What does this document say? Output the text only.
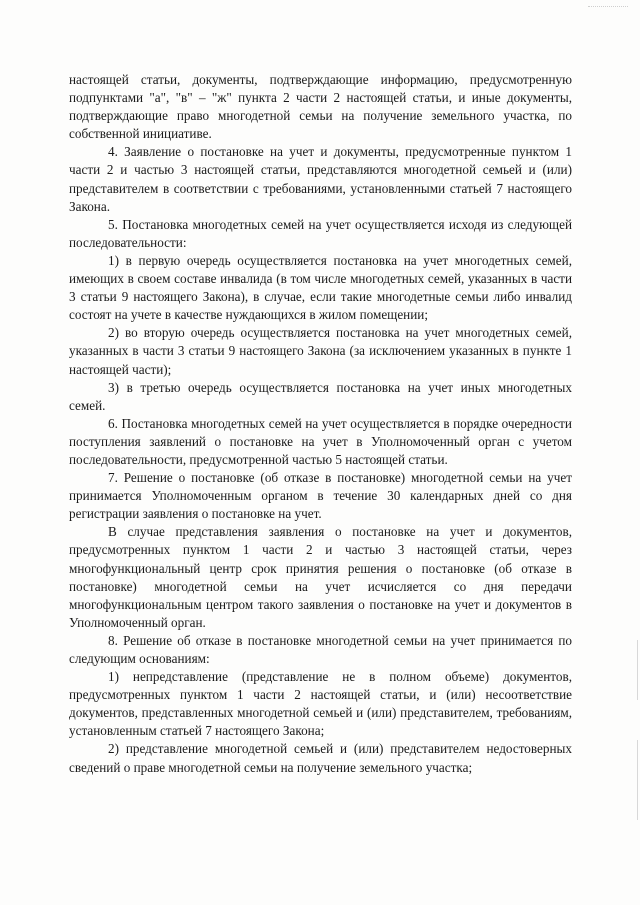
настоящей статьи, документы, подтверждающие информацию, предусмотренную подпунктами "а", "в" – "ж" пункта 2 части 2 настоящей статьи, и иные документы, подтверждающие право многодетной семьи на получение земельного участка, по собственной инициативе.

4. Заявление о постановке на учет и документы, предусмотренные пунктом 1 части 2 и частью 3 настоящей статьи, представляются многодетной семьей и (или) представителем в соответствии с требованиями, установленными статьей 7 настоящего Закона.

5. Постановка многодетных семей на учет осуществляется исходя из следующей последовательности:

1) в первую очередь осуществляется постановка на учет многодетных семей, имеющих в своем составе инвалида (в том числе многодетных семей, указанных в части 3 статьи 9 настоящего Закона), в случае, если такие многодетные семьи либо инвалид состоят на учете в качестве нуждающихся в жилом помещении;

2) во вторую очередь осуществляется постановка на учет многодетных семей, указанных в части 3 статьи 9 настоящего Закона (за исключением указанных в пункте 1 настоящей части);

3) в третью очередь осуществляется постановка на учет иных многодетных семей.

6. Постановка многодетных семей на учет осуществляется в порядке очередности поступления заявлений о постановке на учет в Уполномоченный орган с учетом последовательности, предусмотренной частью 5 настоящей статьи.

7. Решение о постановке (об отказе в постановке) многодетной семьи на учет принимается Уполномоченным органом в течение 30 календарных дней со дня регистрации заявления о постановке на учет.

В случае представления заявления о постановке на учет и документов, предусмотренных пунктом 1 части 2 и частью 3 настоящей статьи, через многофункциональный центр срок принятия решения о постановке (об отказе в постановке) многодетной семьи на учет исчисляется со дня передачи многофункциональным центром такого заявления о постановке на учет и документов в Уполномоченный орган.

8. Решение об отказе в постановке многодетной семьи на учет принимается по следующим основаниям:

1) непредставление (представление не в полном объеме) документов, предусмотренных пунктом 1 части 2 настоящей статьи, и (или) несоответствие документов, представленных многодетной семьей и (или) представителем, требованиям, установленным статьей 7 настоящего Закона;

2) представление многодетной семьей и (или) представителем недостоверных сведений о праве многодетной семьи на получение земельного участка;
